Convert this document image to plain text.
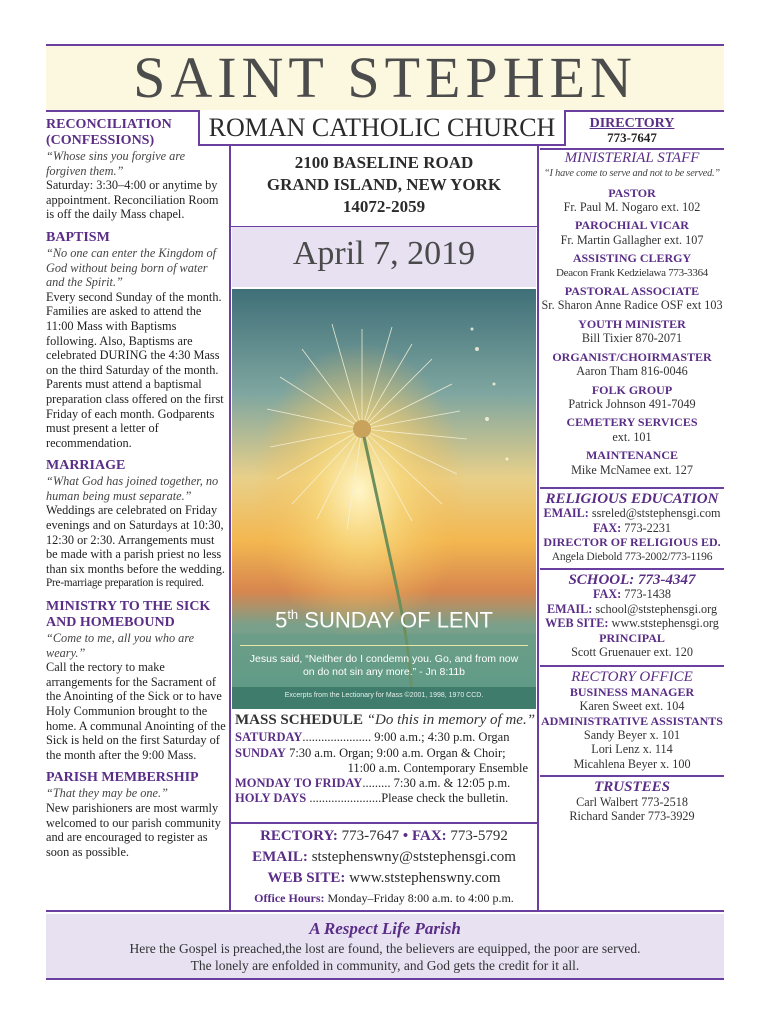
SAINT STEPHEN
ROMAN CATHOLIC CHURCH

RECONCILIATION (CONFESSIONS)

“Whose sins you forgive are forgiven them.”

Saturday: 3:30–4:00 or anytime by appointment. Reconciliation Room is off the daily Mass chapel.

BAPTISM

“No one can enter the Kingdom of God without being born of water and the Spirit.”

Every second Sunday of the month. Families are asked to attend the 11:00 Mass with Baptisms following. Also, Baptisms are celebrated DURING the 4:30 Mass on the third Saturday of the month. Parents must attend a baptismal preparation class offered on the first Friday of each month. Godparents must present a letter of recommendation.

MARRIAGE

“What God has joined together, no human being must separate.”

Weddings are celebrated on Friday evenings and on Saturdays at 10:30, 12:30 or 2:30. Arrangements must be made with a parish priest no less than six months before the wedding.

Pre-marriage preparation is required.

MINISTRY TO THE SICK AND HOMEBOUND

“Come to me, all you who are weary.”

Call the rectory to make arrangements for the Sacrament of the Anointing of the Sick or to have Holy Communion brought to the home. A communal Anointing of the Sick is held on the first Saturday of the month after the 9:00 Mass.

PARISH MEMBERSHIP

“That they may be one.”

New parishioners are most warmly welcomed to our parish community and are encouraged to register as soon as possible.

2100 BASELINE ROAD
GRAND ISLAND, NEW YORK
14072-2059
April 7, 2019
5th SUNDAY OF LENT
Jesus said, “Neither do I condemn you. Go, and from now
on do not sin any more.” - Jn 8:11b
Excerpts from the Lectionary for Mass ©2001, 1998, 1970 CCD.

MASS SCHEDULE “Do this in memory of me.”

SATURDAY...................... 9:00 a.m.; 4:30 p.m. Organ

SUNDAY 7:30 a.m. Organ; 9:00 a.m. Organ & Choir;

11:00 a.m. Contemporary Ensemble

MONDAY TO FRIDAY......... 7:30 a.m. & 12:05 p.m.

HOLY DAYS .......................Please check the bulletin.

RECTORY: 773-7647 • FAX: 773-5792

EMAIL: ststephenswny@ststephensgi.com

WEB SITE: www.ststephenswny.com

Office Hours: Monday–Friday 8:00 a.m. to 4:00 p.m.

DIRECTORY

773-7647

MINISTERIAL STAFF

“I have come to serve and not to be served.”

PASTOR

Fr. Paul M. Nogaro ext. 102

PAROCHIAL VICAR

Fr. Martin Gallagher ext. 107

ASSISTING CLERGY

Deacon Frank Kedzielawa 773-3364

PASTORAL ASSOCIATE

Sr. Sharon Anne Radice OSF ext 103

YOUTH MINISTER

Bill Tixier 870-2071

ORGANIST/CHOIRMASTER

Aaron Tham 816-0046

FOLK GROUP

Patrick Johnson 491-7049

CEMETERY SERVICES

ext. 101

MAINTENANCE

Mike McNamee ext. 127

RELIGIOUS EDUCATION

EMAIL: ssreled@ststephensgi.com

FAX: 773-2231

DIRECTOR OF RELIGIOUS ED.

Angela Diebold 773-2002/773-1196

SCHOOL: 773-4347

FAX: 773-1438

EMAIL: school@ststephensgi.org

WEB SITE: www.ststephensgi.org

PRINCIPAL

Scott Gruenauer ext. 120

RECTORY OFFICE

BUSINESS MANAGER

Karen Sweet ext. 104

ADMINISTRATIVE ASSISTANTS

Sandy Beyer x. 101

Lori Lenz x. 114

Micahlena Beyer x. 100

TRUSTEES

Carl Walbert 773-2518

Richard Sander 773-3929

A Respect Life Parish

Here the Gospel is preached,the lost are found, the believers are equipped, the poor are served.

The lonely are enfolded in community, and God gets the credit for it all.
